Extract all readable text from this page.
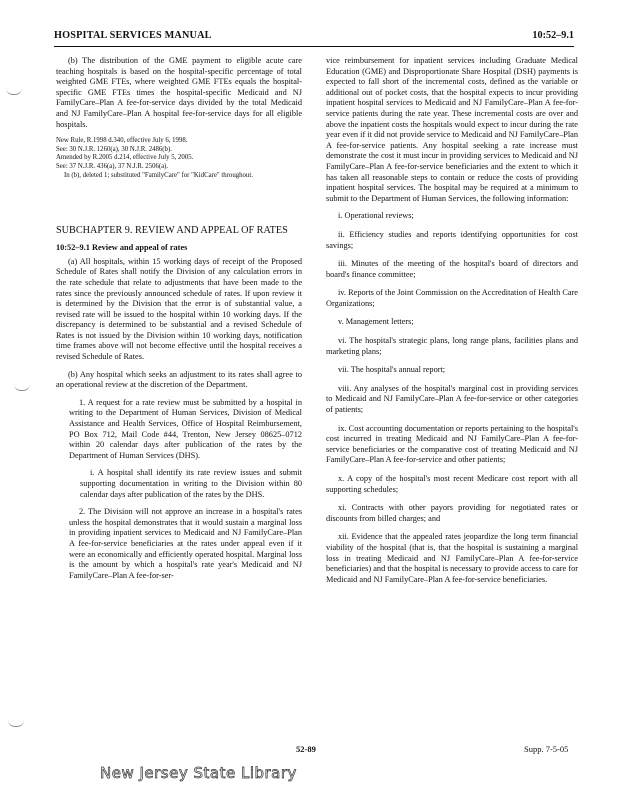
HOSPITAL SERVICES MANUAL	10:52–9.1

(b) The distribution of the GME payment to eligible acute care teaching hospitals is based on the hospital-specific percentage of total weighted GME FTEs, where weighted GME FTEs equals the hospital-specific GME FTEs times the hospital-specific Medicaid and NJ FamilyCare–Plan A fee-for-service days divided by the total Medicaid and NJ FamilyCare–Plan A hospital fee-for-service days for all eligible hospitals.

New Rule, R.1998 d.340, effective July 6, 1998.

See: 30 N.J.R. 1260(a), 30 N.J.R. 2486(b).

Amended by R.2005 d.214, effective July 5, 2005.

See: 37 N.J.R. 436(a), 37 N.J.R. 2506(a).

In (b), deleted 1; substituted "FamilyCare" for "KidCare" throughout.

SUBCHAPTER 9. REVIEW AND APPEAL OF RATES
10:52–9.1 Review and appeal of rates

(a) All hospitals, within 15 working days of receipt of the Proposed Schedule of Rates shall notify the Division of any calculation errors in the rate schedule that relate to adjustments that have been made to the rates since the previously announced schedule of rates. If upon review it is determined by the Division that the error is of substantial value, a revised rate will be issued to the hospital within 10 working days. If the discrepancy is determined to be substantial and a revised Schedule of Rates is not issued by the Division within 10 working days, notification time frames above will not become effective until the hospital receives a revised Schedule of Rates.

(b) Any hospital which seeks an adjustment to its rates shall agree to an operational review at the discretion of the Department.

1. A request for a rate review must be submitted by a hospital in writing to the Department of Human Services, Division of Medical Assistance and Health Services, Office of Hospital Reimbursement, PO Box 712, Mail Code #44, Trenton, New Jersey 08625–0712 within 20 calendar days after publication of the rates by the Department of Human Services (DHS).

i. A hospital shall identify its rate review issues and submit supporting documentation in writing to the Division within 80 calendar days after publication of the rates by the DHS.

2. The Division will not approve an increase in a hospital's rates unless the hospital demonstrates that it would sustain a marginal loss in providing inpatient services to Medicaid and NJ FamilyCare–Plan A fee-for-service beneficiaries at the rates under appeal even if it were an economically and efficiently operated hospital. Marginal loss is the amount by which a hospital's rate year's Medicaid and NJ FamilyCare–Plan A fee-for-ser-

vice reimbursement for inpatient services including Graduate Medical Education (GME) and Disproportionate Share Hospital (DSH) payments is expected to fall short of the incremental costs, defined as the variable or additional out of pocket costs, that the hospital expects to incur providing inpatient hospital services to Medicaid and NJ FamilyCare–Plan A fee-for-service patients during the rate year. These incremental costs are over and above the inpatient costs the hospitals would expect to incur during the rate year even if it did not provide service to Medicaid and NJ FamilyCare–Plan A fee-for-service patients. Any hospital seeking a rate increase must demonstrate the cost it must incur in providing services to Medicaid and NJ FamilyCare–Plan A fee-for-service beneficiaries and the extent to which it has taken all reasonable steps to contain or reduce the costs of providing inpatient hospital services. The hospital may be required at a minimum to submit to the Department of Human Services, the following information:

i. Operational reviews;

ii. Efficiency studies and reports identifying opportunities for cost savings;

iii. Minutes of the meeting of the hospital's board of directors and board's finance committee;

iv. Reports of the Joint Commission on the Accreditation of Health Care Organizations;

v. Management letters;

vi. The hospital's strategic plans, long range plans, facilities plans and marketing plans;

vii. The hospital's annual report;

viii. Any analyses of the hospital's marginal cost in providing services to Medicaid and NJ FamilyCare–Plan A fee-for-service or other categories of patients;

ix. Cost accounting documentation or reports pertaining to the hospital's cost incurred in treating Medicaid and NJ FamilyCare–Plan A fee-for-service beneficiaries or the comparative cost of treating Medicaid and NJ FamilyCare–Plan A fee-for-service and other patients;

x. A copy of the hospital's most recent Medicare cost report with all supporting schedules;

xi. Contracts with other payors providing for negotiated rates or discounts from billed charges; and

xii. Evidence that the appealed rates jeopardize the long term financial viability of the hospital (that is, that the hospital is sustaining a marginal loss in treating Medicaid and NJ FamilyCare–Plan A fee-for-service beneficiaries) and that the hospital is necessary to provide access to care for Medicaid and NJ FamilyCare–Plan A fee-for-service beneficiaries.

52-89	Supp. 7-5-05
New Jersey State Library
